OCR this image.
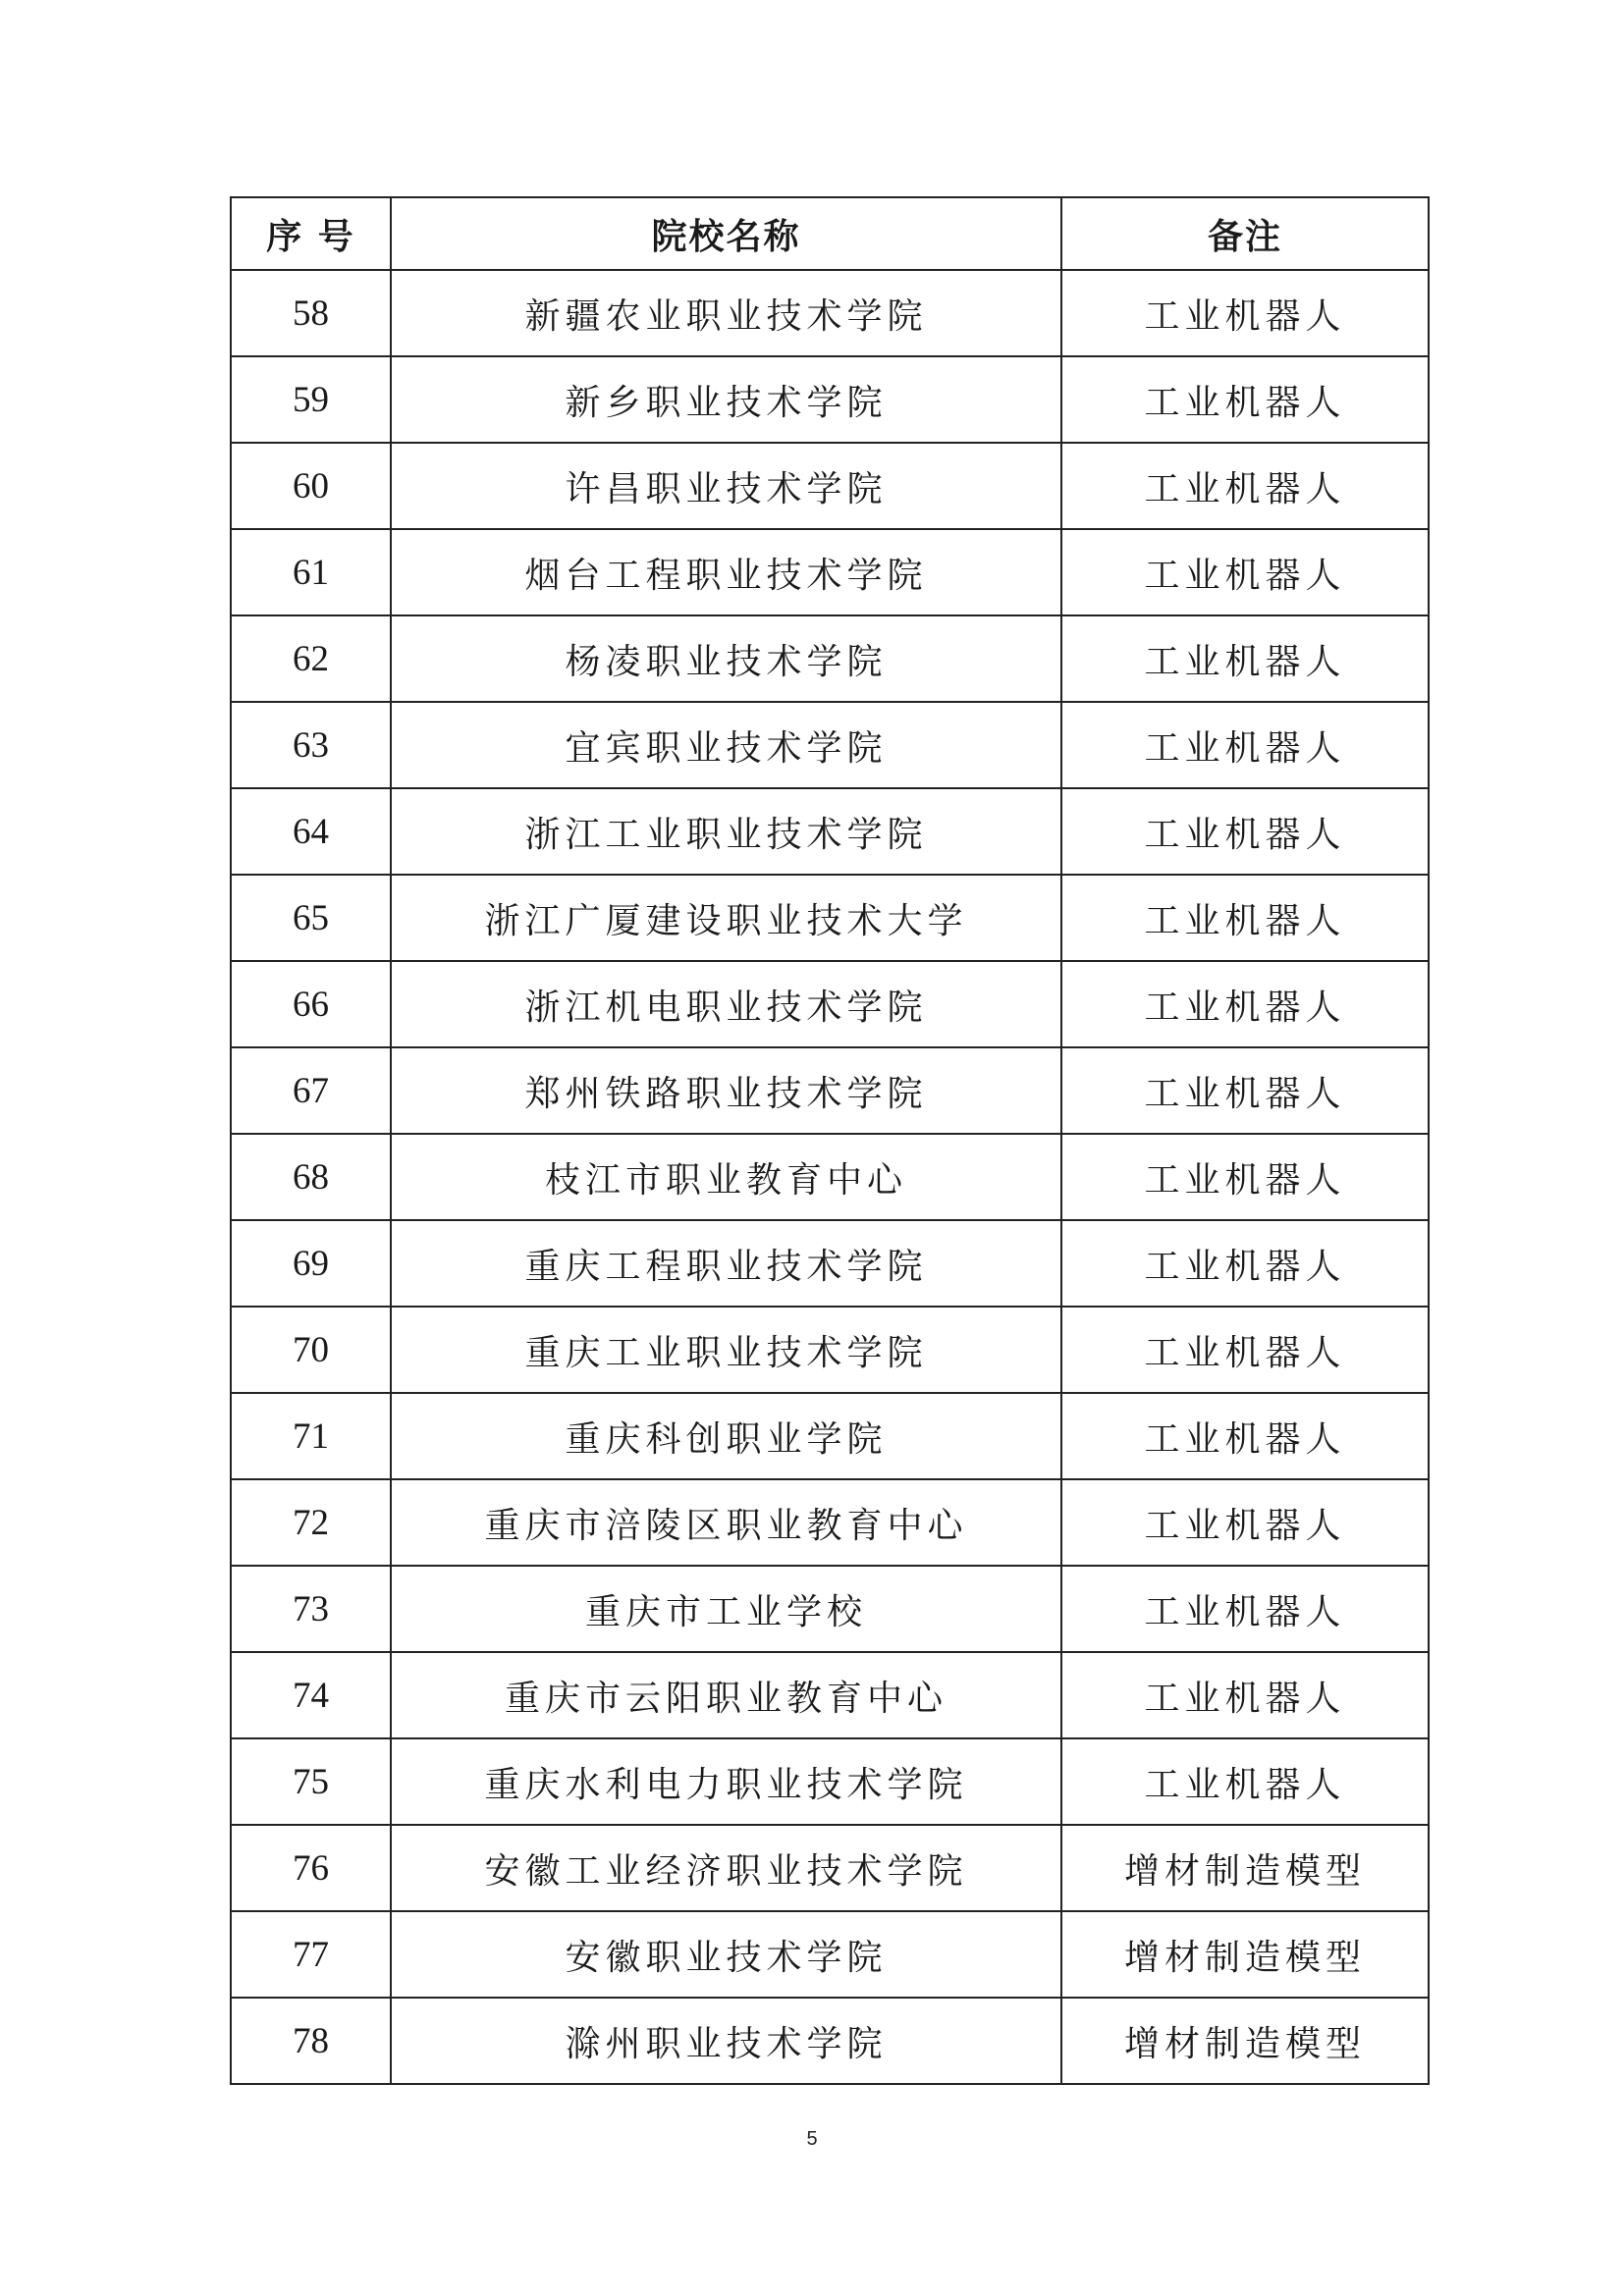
序 号	院校名称	备注
58	新疆农业职业技术学院	工业机器人
59	新乡职业技术学院	工业机器人
60	许昌职业技术学院	工业机器人
61	烟台工程职业技术学院	工业机器人
62	杨凌职业技术学院	工业机器人
63	宜宾职业技术学院	工业机器人
64	浙江工业职业技术学院	工业机器人
65	浙江广厦建设职业技术大学	工业机器人
66	浙江机电职业技术学院	工业机器人
67	郑州铁路职业技术学院	工业机器人
68	枝江市职业教育中心	工业机器人
69	重庆工程职业技术学院	工业机器人
70	重庆工业职业技术学院	工业机器人
71	重庆科创职业学院	工业机器人
72	重庆市涪陵区职业教育中心	工业机器人
73	重庆市工业学校	工业机器人
74	重庆市云阳职业教育中心	工业机器人
75	重庆水利电力职业技术学院	工业机器人
76	安徽工业经济职业技术学院	增材制造模型
77	安徽职业技术学院	增材制造模型
78	滁州职业技术学院	增材制造模型
5
